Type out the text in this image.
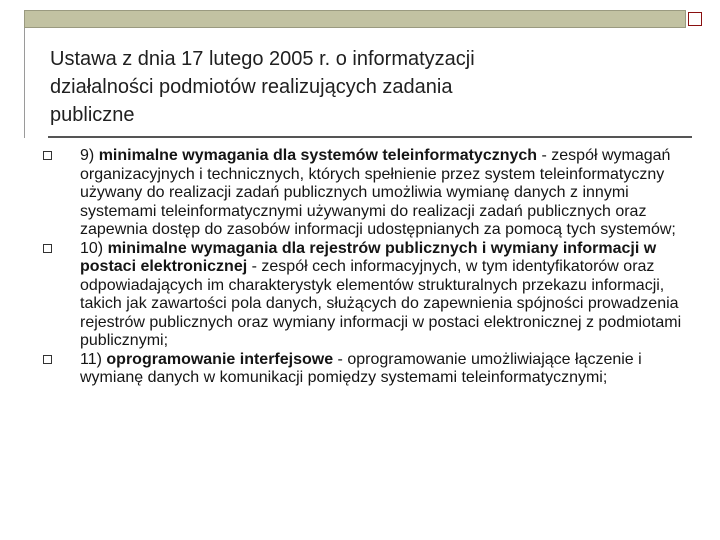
Ustawa z dnia 17 lutego 2005 r. o informatyzacji
działalności podmiotów realizujących zadania
publiczne
9) minimalne wymagania dla systemów teleinformatycznych - zespół wymagań organizacyjnych i technicznych, których spełnienie przez system teleinformatyczny używany do realizacji zadań publicznych umożliwia wymianę danych z innymi systemami teleinformatycznymi używanymi do realizacji zadań publicznych oraz zapewnia dostęp do zasobów informacji udostępnianych za pomocą tych systemów;
10) minimalne wymagania dla rejestrów publicznych i wymiany informacji w postaci elektronicznej - zespół cech informacyjnych, w tym identyfikatorów oraz odpowiadających im charakterystyk elementów strukturalnych przekazu informacji, takich jak zawartości pola danych, służących do zapewnienia spójności prowadzenia rejestrów publicznych oraz wymiany informacji w postaci elektronicznej z podmiotami publicznymi;
11) oprogramowanie interfejsowe - oprogramowanie umożliwiające łączenie i wymianę danych w komunikacji pomiędzy systemami teleinformatycznymi;
